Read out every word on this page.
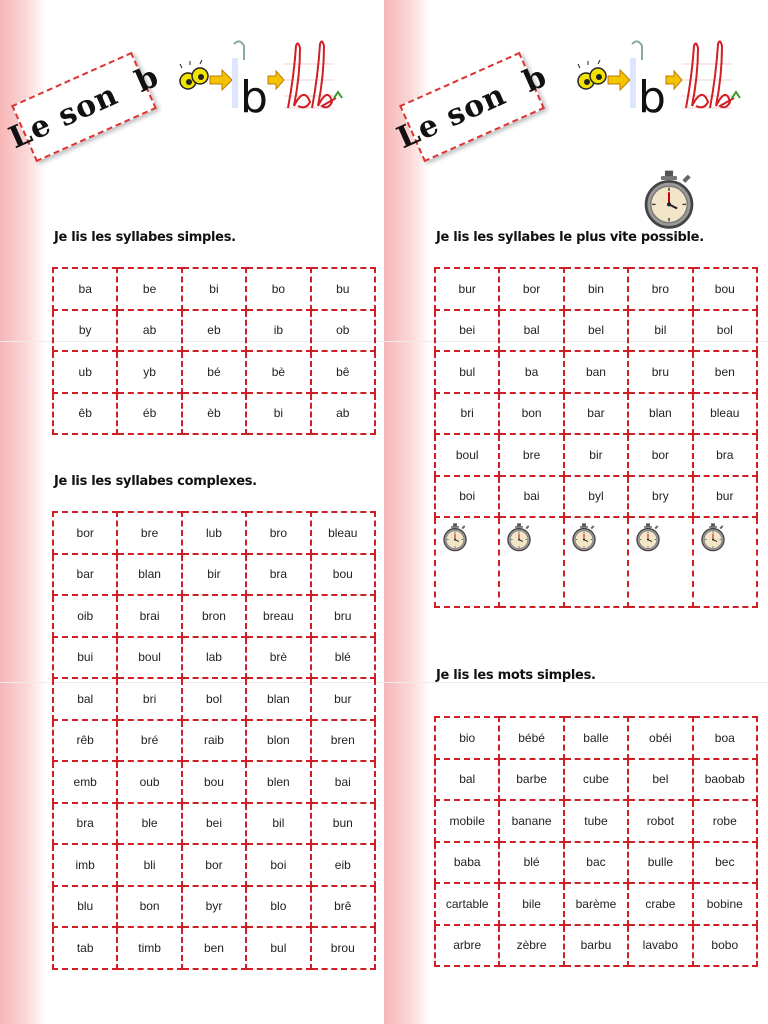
Le son  b
Je lis les syllabes simples.
ba	be	bi	bo	bu
by	ab	eb	ib	ob
ub	yb	bé	bè	bê
êb	éb	èb	bi	ab
Je lis les syllabes complexes.
bor	bre	lub	bro	bleau
bar	blan	bir	bra	bou
oib	brai	bron	breau	bru
bui	boul	lab	brè	blé
bal	bri	bol	blan	bur
rêb	bré	raib	blon	bren
emb	oub	bou	blen	bai
bra	ble	bei	bil	bun
imb	bli	bor	boi	eib
blu	bon	byr	blo	brê
tab	timb	ben	bul	brou
Le son  b
Je lis les syllabes le plus vite possible.
bur	bor	bin	bro	bou
bei	bal	bel	bil	bol
bul	ba	ban	bru	ben
bri	bon	bar	blan	bleau
boul	bre	bir	bor	bra
boi	bai	byl	bry	bur

Je lis les mots simples.
bio	bébé	balle	obéi	boa
bal	barbe	cube	bel	baobab
mobile	banane	tube	robot	robe
baba	blé	bac	bulle	bec
cartable	bile	barème	crabe	bobine
arbre	zèbre	barbu	lavabo	bobo
